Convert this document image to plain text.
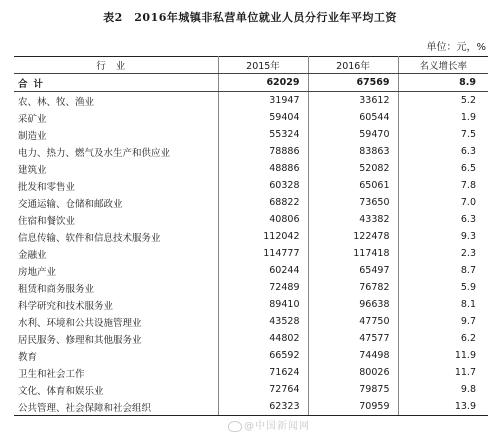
表2　2016年城镇非私营单位就业人员分行业年平均工资
单位：元，%
行业	2015年	2016年	名义增长率
合计	62029	67569	8.9
农、林、牧、渔业	31947	33612	5.2
采矿业	59404	60544	1.9
制造业	55324	59470	7.5
电力、热力、燃气及水生产和供应业	78886	83863	6.3
建筑业	48886	52082	6.5
批发和零售业	60328	65061	7.8
交通运输、仓储和邮政业	68822	73650	7.0
住宿和餐饮业	40806	43382	6.3
信息传输、软件和信息技术服务业	112042	122478	9.3
金融业	114777	117418	2.3
房地产业	60244	65497	8.7
租赁和商务服务业	72489	76782	5.9
科学研究和技术服务业	89410	96638	8.1
水利、环境和公共设施管理业	43528	47750	9.7
居民服务、修理和其他服务业	44802	47577	6.2
教育	66592	74498	11.9
卫生和社会工作	71624	80026	11.7
文化、体育和娱乐业	72764	79875	9.8
公共管理、社会保障和社会组织	62323	70959	13.9
@中国新闻网
